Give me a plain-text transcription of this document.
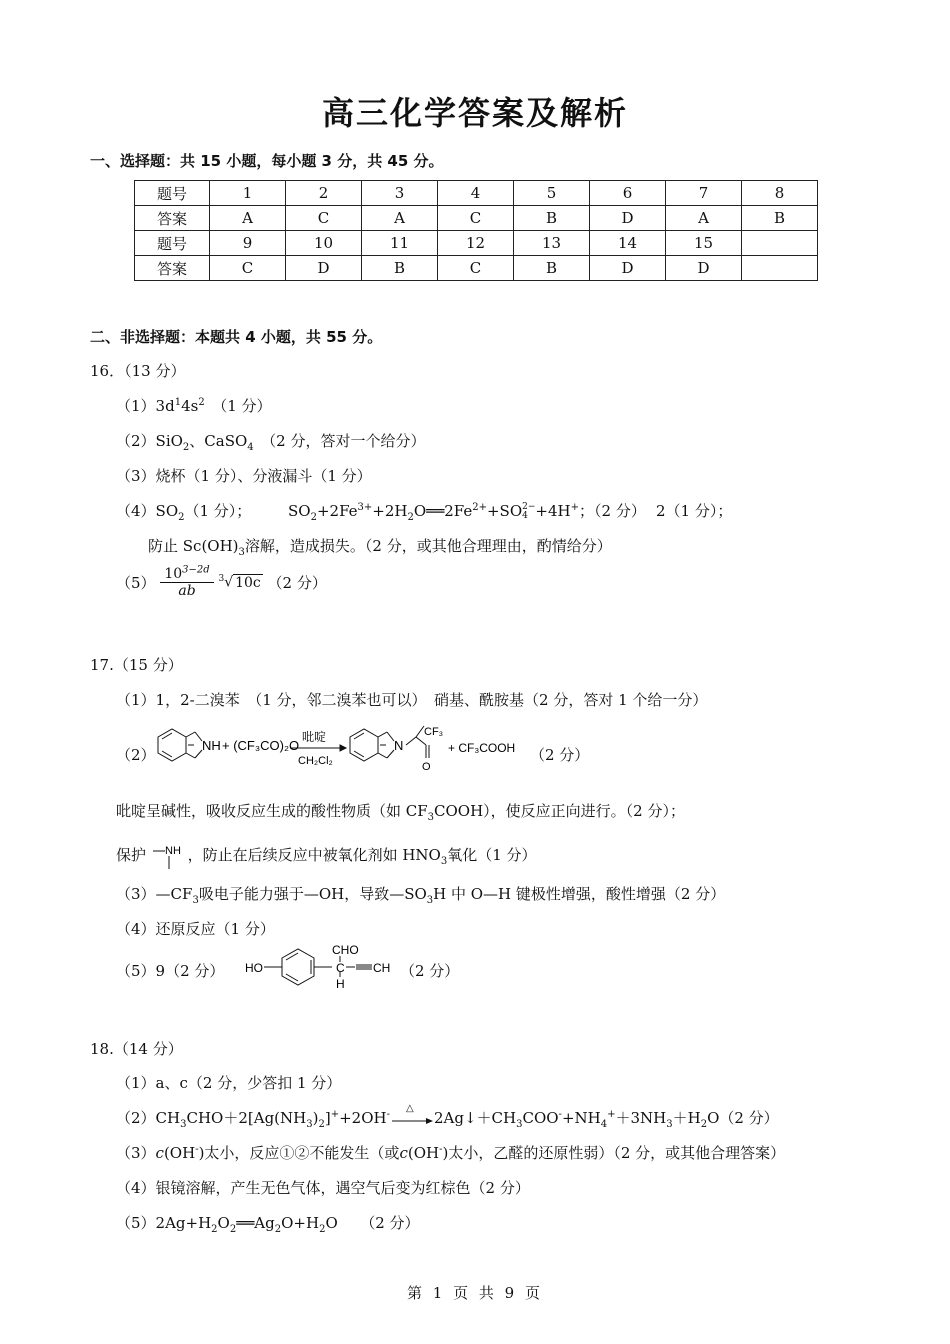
高三化学答案及解析
一、选择题：共 15 小题，每小题 3 分，共 45 分。
题号	1	2	3	4	5	6	7	8
答案	A	C	A	C	B	D	A	B
题号	9	10	11	12	13	14	15	
答案	C	D	B	C	B	D	D	
二、非选择题：本题共 4 小题，共 55 分。
16．（13 分）
$(1)3d^14s^2$　（1 分）
（2）SiO$_2$、CaSO$_4$　（2 分，答对一个给分）
（3）烧杯（1 分）、分液漏斗（1 分）
$(4)SO_2(1$ 分）； $SO_2+2Fe^{3+}+2H_2O══2Fe^{2+}+SO$ 2−
4 +4H+；（2 分） 2（1 分）；
防止 $Sc(OH)_3$溶解，造成损失。（2 分，或其他合理理由，酌情给分）
$(5) \frac{10^{3-2d}}{ab} ^3√$ 10c （2 分）
17.（15 分）
（1）1，2-二溴苯　（1 分，邻二溴苯也可以）　硝基、酰胺基（2 分，答对 1 个给一分）
（2）
NH + (CF₃CO)₂O
吡啶
CH₂Cl₂
N
CF₃
O
+ CF₃COOH （2 分）
吡啶呈碱性，吸收反应生成的酸性物质（如 $CF_3COOH$），使反应正向进行。（2 分）；
保护 NH ，防止在后续反应中被氧化剂如 $HNO_3$氧化（1 分）
$(3)—CF_3$吸电子能力强于—OH，导致$—SO_3H$ 中 O—H 键极性增强，酸性增强（2 分）
（4）还原反应（1 分）
（5）9（2 分）
CHO
HO	C
H
CH （2 分）
18.（14 分）
（1）a、c（2 分，少答扣 1 分）
$(2)CH_3CHO+2[Ag(NH_3)_2]^++2OH^-$
△
$2Ag↓+CH_3COO^-+NH_4^++3NH_3+H_2O(2$ 分）
（3）c(OH-)太小，反应①②不能发生（或c(OH-)太小，乙醛的还原性弱）（2 分，或其他合理答案）
（4）银镜溶解，产生无色气体，遇空气后变为红棕色（2 分）
$(5)2Ag+H_2O_2══Ag_2O+H_2O$　　（2 分）
第 1 页 共 9 页
